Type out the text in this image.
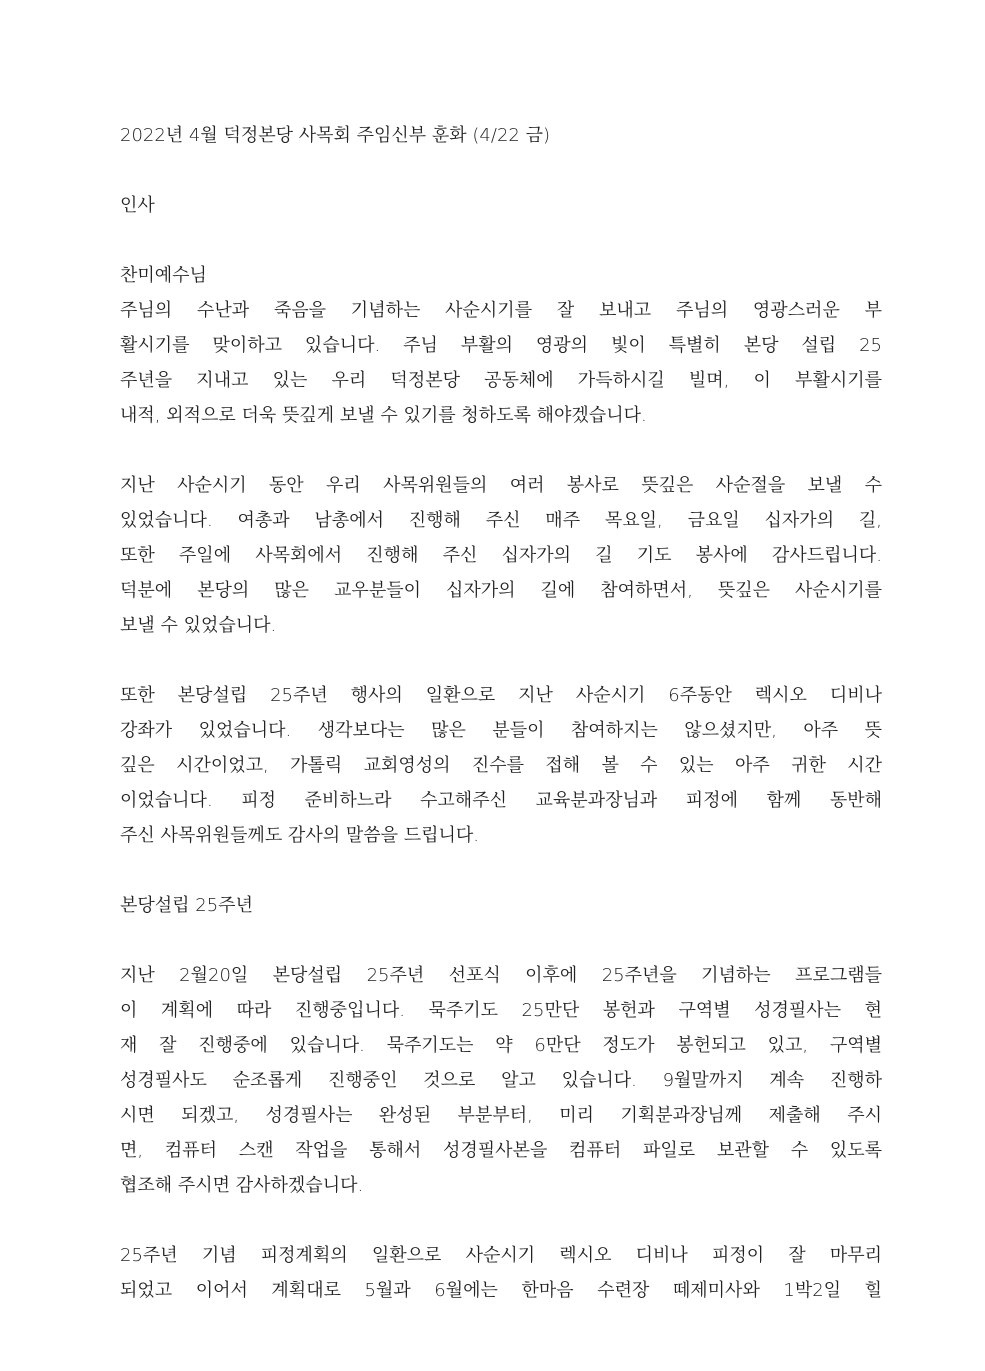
2022년 4월 덕정본당 사목회 주임신부 훈화 (4/22 금)
인사
찬미예수님
주님의 수난과 죽음을 기념하는 사순시기를 잘 보내고 주님의 영광스러운 부
활시기를 맞이하고 있습니다. 주님 부활의 영광의 빛이 특별히 본당 설립 25
주년을 지내고 있는 우리 덕정본당 공동체에 가득하시길 빌며, 이 부활시기를
내적, 외적으로 더욱 뜻깊게 보낼 수 있기를 청하도록 해야겠습니다.
지난 사순시기 동안 우리 사목위원들의 여러 봉사로 뜻깊은 사순절을 보낼 수
있었습니다. 여총과 남총에서 진행해 주신 매주 목요일, 금요일 십자가의 길,
또한 주일에 사목회에서 진행해 주신 십자가의 길 기도 봉사에 감사드립니다.
덕분에 본당의 많은 교우분들이 십자가의 길에 참여하면서, 뜻깊은 사순시기를
보낼 수 있었습니다.
또한 본당설립 25주년 행사의 일환으로 지난 사순시기 6주동안 렉시오 디비나
강좌가 있었습니다. 생각보다는 많은 분들이 참여하지는 않으셨지만, 아주 뜻
깊은 시간이었고, 가톨릭 교회영성의 진수를 접해 볼 수 있는 아주 귀한 시간
이었습니다. 피정 준비하느라 수고해주신 교육분과장님과 피정에 함께 동반해
주신 사목위원들께도 감사의 말씀을 드립니다.
본당설립 25주년
지난 2월20일 본당설립 25주년 선포식 이후에 25주년을 기념하는 프로그램들
이 계획에 따라 진행중입니다. 묵주기도 25만단 봉헌과 구역별 성경필사는 현
재 잘 진행중에 있습니다. 묵주기도는 약 6만단 정도가 봉헌되고 있고, 구역별
성경필사도 순조롭게 진행중인 것으로 알고 있습니다. 9월말까지 계속 진행하
시면 되겠고, 성경필사는 완성된 부분부터, 미리 기획분과장님께 제출해 주시
면, 컴퓨터 스캔 작업을 통해서 성경필사본을 컴퓨터 파일로 보관할 수 있도록
협조해 주시면 감사하겠습니다.
25주년 기념 피정계획의 일환으로 사순시기 렉시오 디비나 피정이 잘 마무리
되었고 이어서 계획대로 5월과 6월에는 한마음 수련장 떼제미사와 1박2일 힐
